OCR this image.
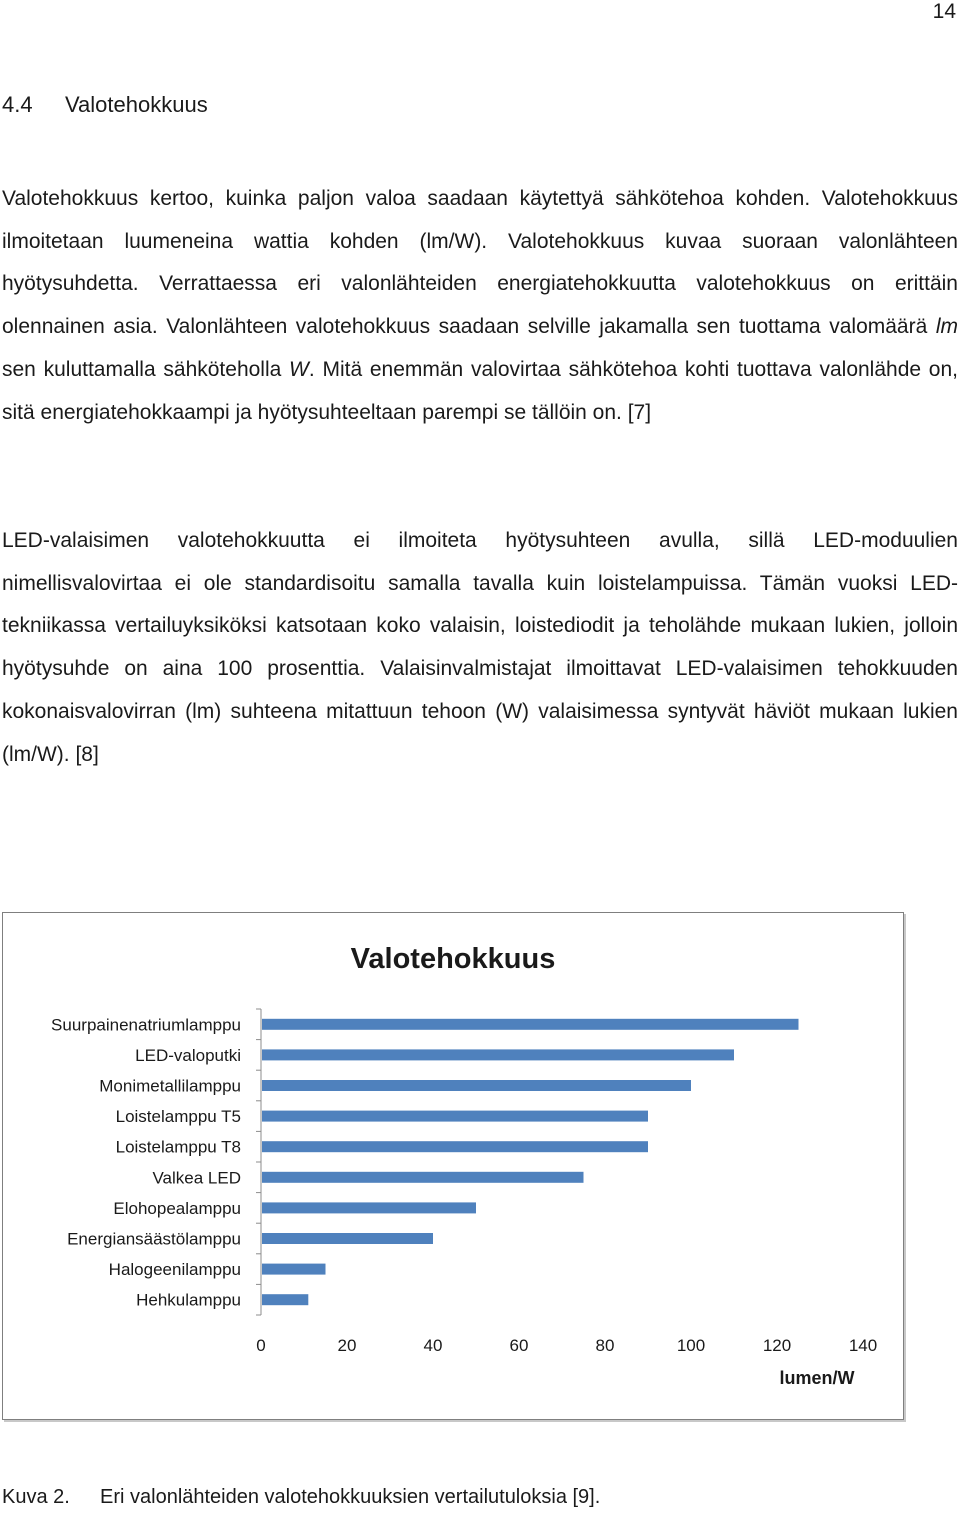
14
4.4 Valotehokkuus

Valotehokkuus kertoo, kuinka paljon valoa saadaan käytettyä sähkötehoa kohden. Valotehokkuus ilmoitetaan luumeneina wattia kohden (lm/W). Valotehokkuus kuvaa suoraan valonlähteen hyötysuhdetta. Verrattaessa eri valonlähteiden energiatehokkuutta valotehokkuus on erittäin olennainen asia. Valonlähteen valotehokkuus saadaan selville jakamalla sen tuottama valomäärä lm sen kuluttamalla sähköteholla W. Mitä enemmän valovirtaa sähkötehoa kohti tuottava valonlähde on, sitä energiatehokkaampi ja hyötysuhteeltaan parempi se tällöin on. [7]

LED-valaisimen valotehokkuutta ei ilmoiteta hyötysuhteen avulla, sillä LED-moduulien nimellisvalovirtaa ei ole standardisoitu samalla tavalla kuin loistelampuissa. Tämän vuoksi LED-tekniikassa vertailuyksiköksi katsotaan koko valaisin, loistediodit ja teholähde mukaan lukien, jolloin hyötysuhde on aina 100 prosenttia. Valaisinvalmistajat ilmoittavat LED-valaisimen tehokkuuden kokonaisvalovirran (lm) suhteena mitattuun tehoon (W) valaisimessa syntyvät häviöt mukaan lukien (lm/W). [8]

Valotehokkuus
Suurpainenatriumlamppu
LED-valoputki
Monimetallilamppu
Loistelamppu T5
Loistelamppu T8
Valkea LED
Elohopealamppu
Energiansäästölamppu
Halogeenilamppu
Hehkulamppu
0	20	40	60	80	100	120	140
lumen/W
Kuva 2. Eri valonlähteiden valotehokkuuksien vertailutuloksia [9].
